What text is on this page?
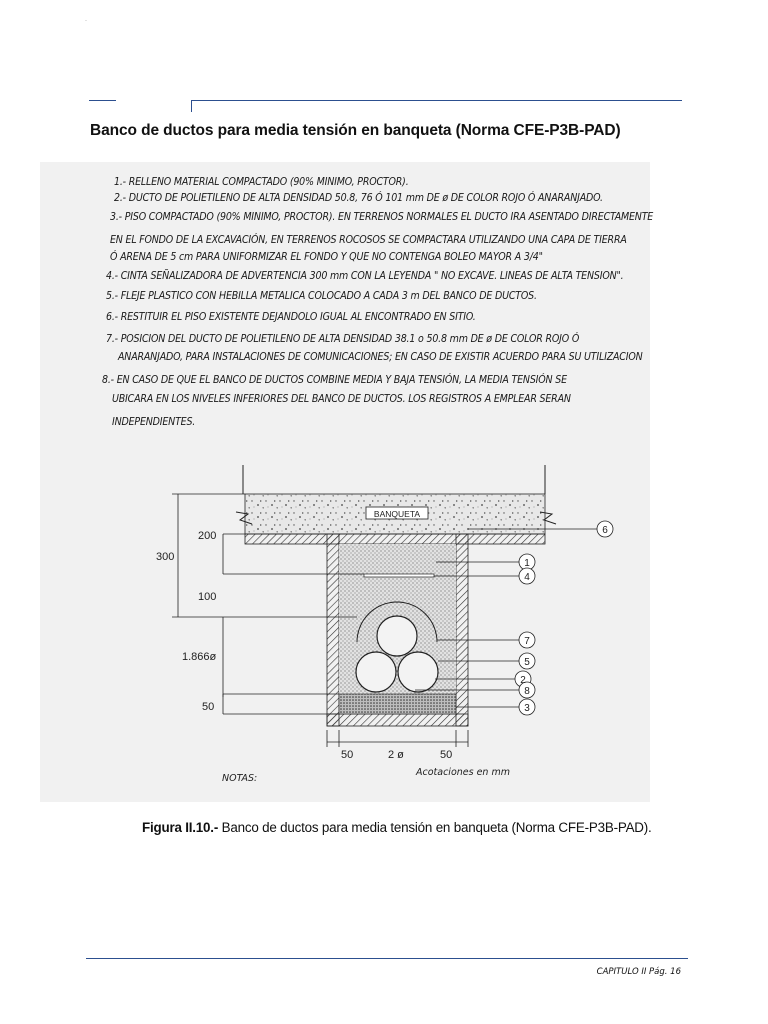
·
Banco de ductos para media tensión en banqueta (Norma CFE-P3B-PAD)
1.- RELLENO MATERIAL COMPACTADO (90% MINIMO, PROCTOR).
2.- DUCTO DE POLIETILENO DE ALTA DENSIDAD 50.8, 76 Ó 101 mm DE ø DE COLOR ROJO Ó ANARANJADO.
3.- PISO COMPACTADO (90% MINIMO, PROCTOR). EN TERRENOS NORMALES EL DUCTO IRA ASENTADO DIRECTAMENTE
EN EL FONDO DE LA EXCAVACIÓN, EN TERRENOS ROCOSOS SE COMPACTARA UTILIZANDO UNA CAPA DE TIERRA
Ó ARENA DE 5 cm PARA UNIFORMIZAR EL FONDO Y QUE NO CONTENGA BOLEO MAYOR A 3/4"
4.- CINTA SEÑALIZADORA DE ADVERTENCIA 300 mm CON LA LEYENDA " NO EXCAVE. LINEAS DE ALTA TENSION".
5.- FLEJE PLASTICO CON HEBILLA METALICA COLOCADO A CADA 3 m DEL BANCO DE DUCTOS.
6.- RESTITUIR EL PISO EXISTENTE DEJANDOLO IGUAL AL ENCONTRADO EN SITIO.
7.- POSICION DEL DUCTO DE POLIETILENO DE ALTA DENSIDAD 38.1 o 50.8 mm DE ø DE COLOR ROJO Ó
ANARANJADO, PARA INSTALACIONES DE COMUNICACIONES; EN CASO DE EXISTIR ACUERDO PARA SU UTILIZACION
8.- EN CASO DE QUE EL BANCO DE DUCTOS COMBINE MEDIA Y BAJA TENSIÓN, LA MEDIA TENSIÓN SE
UBICARA EN LOS NIVELES INFERIORES DEL BANCO DE DUCTOS. LOS REGISTROS A EMPLEAR SERAN
INDEPENDIENTES.
BANQUETA
200
300
100
1.866ø
50
50	2 ø	50
NOTAS:
Acotaciones en mm
6
1
4
7
5
2
8
3
Figura II.10.- Banco de ductos para media tensión en banqueta (Norma CFE-P3B-PAD).
CAPITULO II Pág. 16
